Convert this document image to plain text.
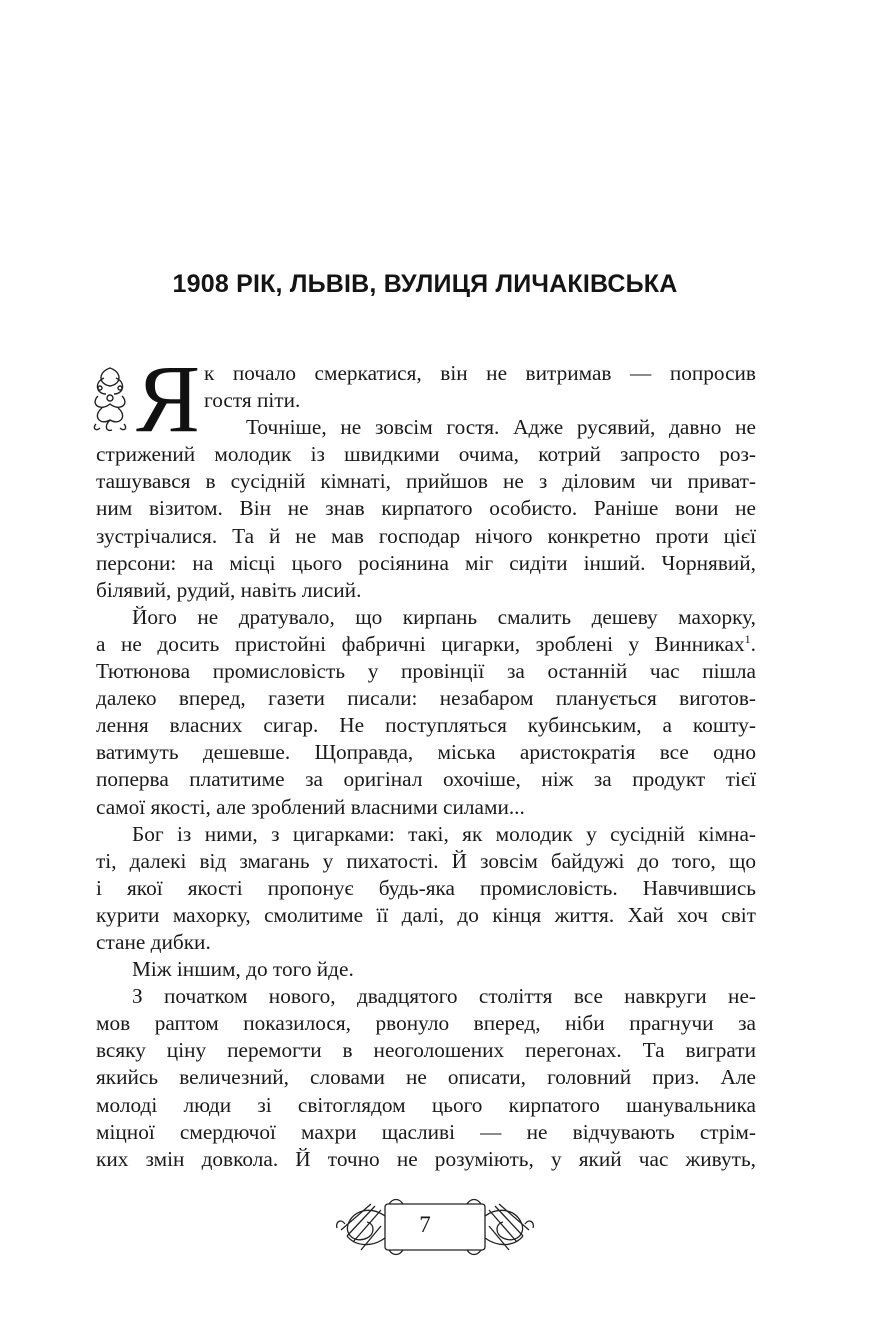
1908 РІК, ЛЬВІВ, ВУЛИЦЯ ЛИЧАКІВСЬКА
Я к почало смеркатися, він не витримав — попросив
гостя піти.
Точніше, не зовсім гостя. Адже русявий, давно не
стрижений молодик із швидкими очима, котрий запросто роз-
ташувався в сусідній кімнаті, прийшов не з діловим чи приват-
ним візитом. Він не знав кирпатого особисто. Раніше вони не
зустрічалися. Та й не мав господар нічого конкретно проти цієї
персони: на місці цього росіянина міг сидіти інший. Чорнявий,
білявий, рудий, навіть лисий.
Його не дратувало, що кирпань смалить дешеву махорку,
а не досить пристойні фабричні цигарки, зроблені у Винниках$^1$.
Тютюнова промисловість у провінції за останній час пішла
далеко вперед, газети писали: незабаром планується виготов-
лення власних сигар. Не поступляться кубинським, а кошту-
ватимуть дешевше. Щоправда, міська аристократія все одно
поперва платитиме за оригінал охочіше, ніж за продукт тієї
самої якості, але зроблений власними силами...
Бог із ними, з цигарками: такі, як молодик у сусідній кімна-
ті, далекі від змагань у пихатості. Й зовсім байдужі до того, що
і якої якості пропонує будь-яка промисловість. Навчившись
курити махорку, смолитиме її далі, до кінця життя. Хай хоч світ
стане дибки.
Між іншим, до того йде.
З початком нового, двадцятого століття все навкруги не-
мов раптом показилося, рвонуло вперед, ніби прагнучи за
всяку ціну перемогти в неоголошених перегонах. Та виграти
якийсь величезний, словами не описати, головний приз. Але
молоді люди зі світоглядом цього кирпатого шанувальника
міцної смердючої махри щасливі — не відчувають стрім-
ких змін довкола. Й точно не розуміють, у який час живуть,
7
